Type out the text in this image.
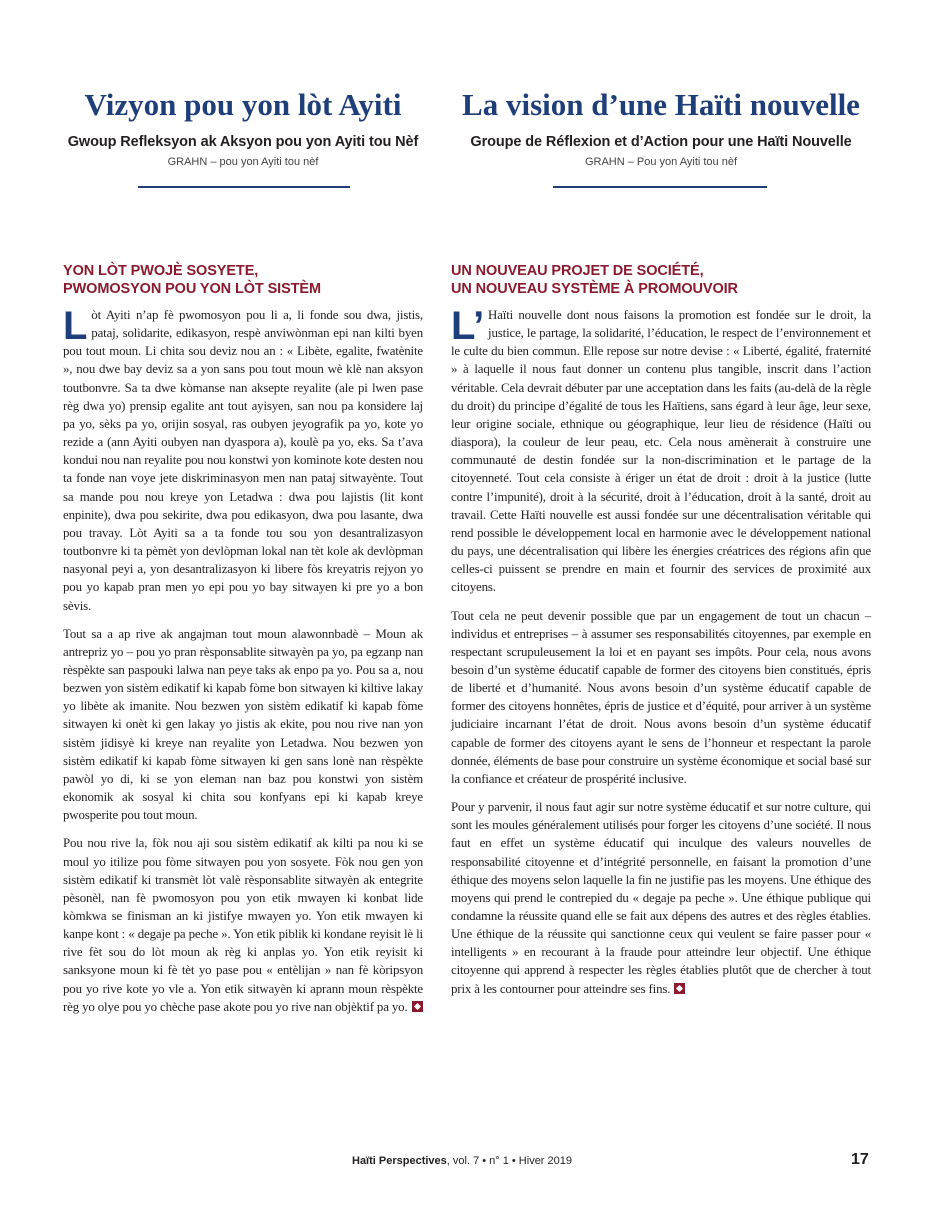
Vizyon pou yon lòt Ayiti
Gwoup Refleksyon ak Aksyon pou yon Ayiti tou Nèf
GRAHN – pou yon Ayiti tou nèf
YON LÒT PWOJÈ SOSYETE,
PWOMOSYON POU YON LÒT SISTÈM

Lòt Ayiti n’ap fè pwomosyon pou li a, li fonde sou dwa, jistis, pataj, solidarite, edikasyon, respè anviwònman epi nan kilti byen pou tout moun. Li chita sou deviz nou an : « Libète, egalite, fwatènite », nou dwe bay deviz sa a yon sans pou tout moun wè klè nan aksyon toutbonvre. Sa ta dwe kòmanse nan aksepte reyalite (ale pi lwen pase règ dwa yo) prensip egalite ant tout ayisyen, san nou pa konsidere laj pa yo, sèks pa yo, orijin sosyal, ras oubyen jeyografik pa yo, kote yo rezide a (ann Ayiti oubyen nan dyaspora a), koulè pa yo, eks. Sa t’ava kondui nou nan reyalite pou nou konstwi yon kominote kote desten nou ta fonde nan voye jete diskriminasyon men nan pataj sitwayènte. Tout sa mande pou nou kreye yon Letadwa : dwa pou lajistis (lit kont enpinite), dwa pou sekirite, dwa pou edikasyon, dwa pou lasante, dwa pou travay. Lòt Ayiti sa a ta fonde tou sou yon desantralizasyon toutbonvre ki ta pèmèt yon devlòpman lokal nan tèt kole ak devlòpman nasyonal peyi a, yon desantralizasyon ki libere fòs kreyatris rejyon yo pou yo kapab pran men yo epi pou yo bay sitwayen ki pre yo a bon sèvis.

Tout sa a ap rive ak angajman tout moun alawonnbadè – Moun ak antrepriz yo – pou yo pran rèsponsablite sitwayèn pa yo, pa egzanp nan rèspèkte san paspouki lalwa nan peye taks ak enpo pa yo. Pou sa a, nou bezwen yon sistèm edikatif ki kapab fòme bon sitwayen ki kiltive lakay yo libète ak imanite. Nou bezwen yon sistèm edikatif ki kapab fòme sitwayen ki onèt ki gen lakay yo jistis ak ekite, pou nou rive nan yon sistèm jidisyè ki kreye nan reyalite yon Letadwa. Nou bezwen yon sistèm edikatif ki kapab fòme sitwayen ki gen sans lonè nan rèspèkte pawòl yo di, ki se yon eleman nan baz pou konstwi yon sistèm ekonomik ak sosyal ki chita sou konfyans epi ki kapab kreye pwosperite pou tout moun.

Pou nou rive la, fòk nou aji sou sistèm edikatif ak kilti pa nou ki se moul yo itilize pou fòme sitwayen pou yon sosyete. Fòk nou gen yon sistèm edikatif ki transmèt lòt valè rèsponsablite sitwayèn ak entegrite pèsonèl, nan fè pwomosyon pou yon etik mwayen ki konbat lide kòmkwa se finisman an ki jistifye mwayen yo. Yon etik mwayen ki kanpe kont : « degaje pa peche ». Yon etik piblik ki kondane reyisit lè li rive fèt sou do lòt moun ak règ ki anplas yo. Yon etik reyisit ki sanksyone moun ki fè tèt yo pase pou « entèlijan » nan fè kòripsyon pou yo rive kote yo vle a. Yon etik sitwayèn ki aprann moun rèspèkte règ yo olye pou yo chèche pase akote pou yo rive nan objèktif pa yo.

La vision d’une Haïti nouvelle
Groupe de Réflexion et d’Action pour une Haïti Nouvelle
GRAHN – Pou yon Ayiti tou nèf
UN NOUVEAU PROJET DE SOCIÉTÉ,
UN NOUVEAU SYSTÈME À PROMOUVOIR

L’ Haïti nouvelle dont nous faisons la promotion est fondée sur le droit, la justice, le partage, la solidarité, l’éducation, le respect de l’environnement et le culte du bien commun. Elle repose sur notre devise : « Liberté, égalité, fraternité » à laquelle il nous faut donner un contenu plus tangible, inscrit dans l’action véritable. Cela devrait débuter par une acceptation dans les faits (au-delà de la règle du droit) du principe d’égalité de tous les Haïtiens, sans égard à leur âge, leur sexe, leur origine sociale, ethnique ou géographique, leur lieu de résidence (Haïti ou diaspora), la couleur de leur peau, etc. Cela nous amènerait à construire une communauté de destin fondée sur la non-discrimination et le partage de la citoyenneté. Tout cela consiste à ériger un état de droit : droit à la justice (lutte contre l’impunité), droit à la sécurité, droit à l’éducation, droit à la santé, droit au travail. Cette Haïti nouvelle est aussi fondée sur une décentralisation véritable qui rend possible le développement local en harmonie avec le développement national du pays, une décentralisation qui libère les énergies créatrices des régions afin que celles-ci puissent se prendre en main et fournir des services de proximité aux citoyens.

Tout cela ne peut devenir possible que par un engagement de tout un chacun – individus et entreprises – à assumer ses responsabilités citoyennes, par exemple en respectant scrupuleusement la loi et en payant ses impôts. Pour cela, nous avons besoin d’un système éducatif capable de former des citoyens bien constitués, épris de liberté et d’humanité. Nous avons besoin d’un système éducatif capable de former des citoyens honnêtes, épris de justice et d’équité, pour arriver à un système judiciaire incarnant l’état de droit. Nous avons besoin d’un système éducatif capable de former des citoyens ayant le sens de l’honneur et respectant la parole donnée, éléments de base pour construire un système économique et social basé sur la confiance et créateur de prospérité inclusive.

Pour y parvenir, il nous faut agir sur notre système éducatif et sur notre culture, qui sont les moules généralement utilisés pour forger les citoyens d’une société. Il nous faut en effet un système éducatif qui inculque des valeurs nouvelles de responsabilité citoyenne et d’intégrité personnelle, en faisant la promotion d’une éthique des moyens selon laquelle la fin ne justifie pas les moyens. Une éthique des moyens qui prend le contrepied du « degaje pa peche ». Une éthique publique qui condamne la réussite quand elle se fait aux dépens des autres et des règles établies. Une éthique de la réussite qui sanctionne ceux qui veulent se faire passer pour « intelligents » en recourant à la fraude pour atteindre leur objectif. Une éthique citoyenne qui apprend à respecter les règles établies plutôt que de chercher à tout prix à les contourner pour atteindre ses fins.

Haïti Perspectives, vol. 7 • n° 1 • Hiver 2019	17
